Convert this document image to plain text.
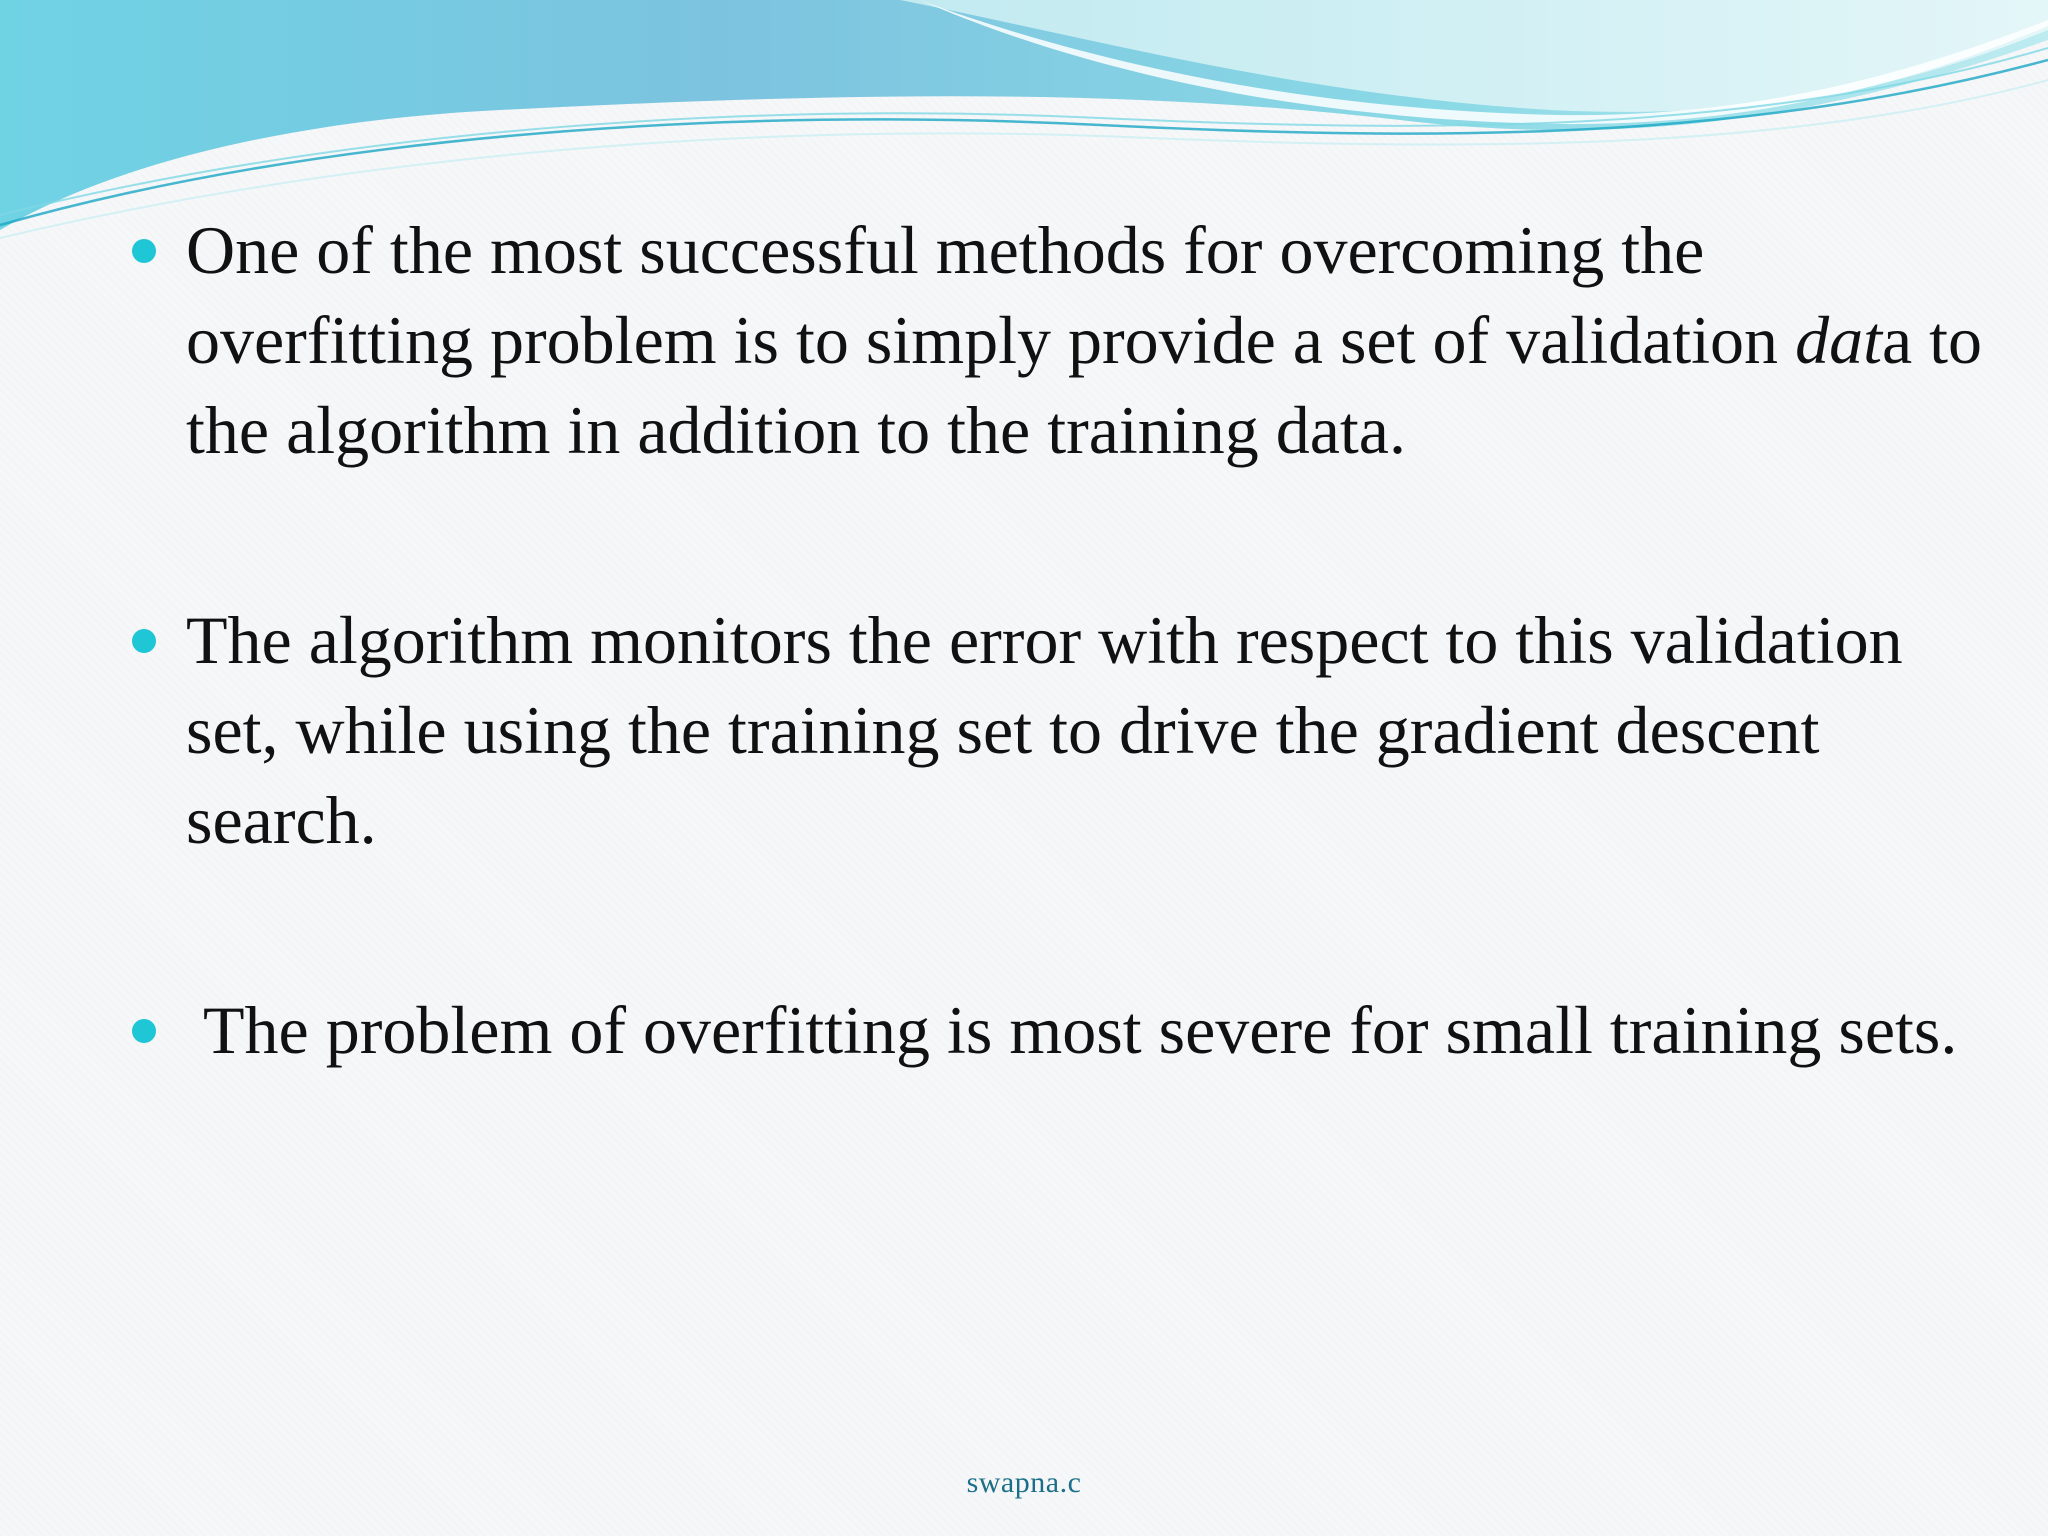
One of the most successful methods for overcoming the overfitting problem is to simply provide a set of validation data to the algorithm in addition to the training data.
The algorithm monitors the error with respect to this validation set, while using the training set to drive the gradient descent search.
The problem of overfitting is most severe for small training sets.
swapna.c
